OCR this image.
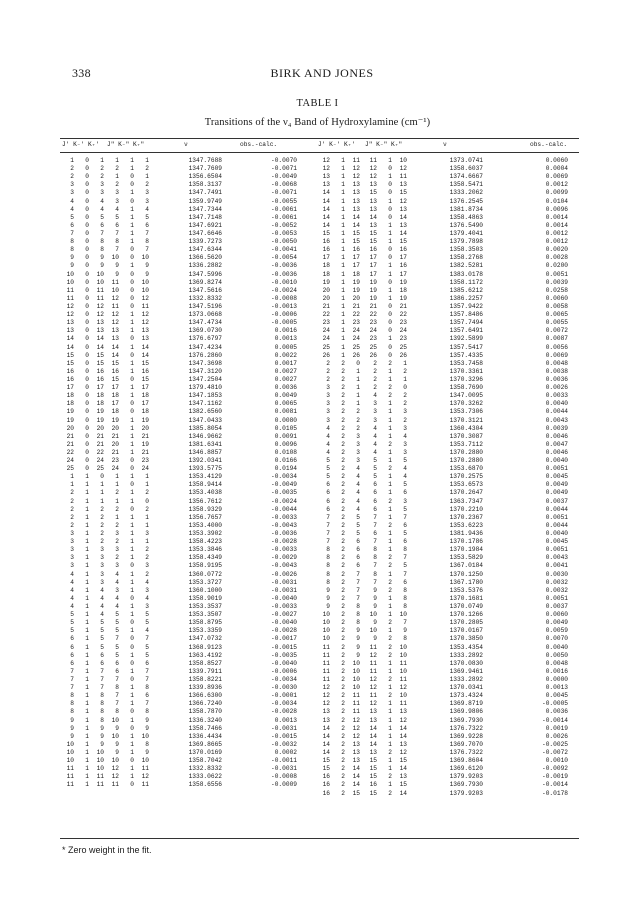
338	BIRK AND JONES
TABLE I
Transitions of the ν₄ Band of Hydroxylamine (cm⁻¹)
J' K₋' K₊' J" K₋" K₊"	ν	obs.-calc.	J' K₋' K₊' J" K₋" K₊"	ν	obs.-calc.
1	0	1	1	1	1	1347.7688	-0.0070
2	0	2	2	1	2	1347.7609	-0.0071
2	0	2	1	0	1	1356.6504	-0.0049
3	0	3	2	0	2	1358.3137	-0.0068
3	0	3	3	1	3	1347.7491	-0.0071
4	0	4	3	0	3	1359.9749	-0.0055
4	0	4	4	1	4	1347.7344	-0.0061
5	0	5	5	1	5	1347.7148	-0.0061
6	0	6	6	1	6	1347.6921	-0.0052
7	0	7	7	1	7	1347.6646	-0.0053
8	0	8	8	1	8	1339.7273	-0.0050
8	0	8	7	0	7	1347.6344	-0.0041
9	0	9	10	0	10	1366.5620	-0.0054
9	0	9	9	1	9	1336.2882	-0.0036
10	0	10	9	0	9	1347.5996	-0.0036
10	0	10	11	0	10	1369.8274	-0.0010
11	0	11	10	0	10	1347.5616	-0.0024
11	0	11	12	0	12	1332.8332	-0.0008
12	0	12	11	0	11	1347.5196	-0.0013
12	0	12	12	1	12	1373.0668	-0.0006
13	0	13	12	1	12	1347.4734	-0.0005
13	0	13	13	1	13	1369.0730	0.0016
14	0	14	13	0	13	1376.6797	0.0013
14	0	14	14	1	14	1347.4234	0.0005
15	0	15	14	0	14	1376.2860	0.0022
15	0	15	15	1	15	1347.3698	0.0017
16	0	16	16	1	16	1347.3120	0.0027
16	0	16	15	0	15	1347.2504	0.0027
17	0	17	17	1	17	1379.4810	0.0036
18	0	18	18	1	18	1347.1853	0.0049
18	0	18	17	0	17	1347.1162	0.0065
19	0	19	18	0	18	1382.6560	0.0081
19	0	19	19	1	19	1347.0433	0.0080
20	0	20	20	1	20	1385.8054	0.0105
21	0	21	21	1	21	1346.9662	0.0091
21	0	21	20	1	19	1381.6341	0.0096
22	0	22	21	1	21	1346.8857	0.0108
24	0	24	23	0	23	1392.0341	0.0166
25	0	25	24	0	24	1393.5775	0.0194
1	1	0	1	1	1	1353.4129	-0.0034
1	1	1	1	0	1	1358.9414	-0.0049
2	1	1	2	1	2	1353.4038	-0.0035
2	1	1	1	1	0	1356.7612	-0.0024
2	1	2	2	0	2	1358.9329	-0.0044
2	1	2	1	1	1	1356.7657	-0.0033
2	1	2	2	1	1	1353.4000	-0.0043
3	1	2	3	1	3	1353.3902	-0.0036
3	1	2	2	1	1	1358.4223	-0.0028
3	1	3	3	1	2	1353.3846	-0.0033
3	1	3	2	1	2	1358.4349	-0.0029
3	1	3	3	0	3	1358.9195	-0.0043
4	1	3	4	1	2	1360.0772	-0.0026
4	1	3	4	1	4	1353.3727	-0.0031
4	1	4	3	1	3	1360.1000	-0.0031
4	1	4	4	0	4	1358.9019	-0.0040
4	1	4	4	1	3	1353.3537	-0.0033
5	1	4	5	1	5	1353.3507	-0.0027
5	1	5	5	0	5	1358.8795	-0.0040
5	1	5	5	1	4	1353.3359	-0.0028
6	1	5	7	0	7	1347.0732	-0.0017
6	1	5	5	0	5	1368.9123	-0.0015
6	1	6	5	1	5	1363.4192	-0.0035
6	1	6	6	0	6	1358.8527	-0.0040
7	1	7	6	1	7	1339.7911	-0.0006
7	1	7	7	0	7	1358.8221	-0.0034
7	1	7	8	1	8	1339.8936	-0.0030
8	1	8	7	1	6	1366.6300	-0.0001
8	1	8	7	1	7	1366.7240	-0.0034
8	1	8	8	0	8	1358.7870	-0.0028
9	1	8	10	1	9	1336.3240	0.0013
9	1	9	9	0	9	1358.7466	-0.0031
9	1	9	10	1	10	1336.4434	-0.0015
10	1	9	9	1	8	1369.8665	-0.0032
10	1	10	9	1	9	1370.0169	0.0002
10	1	10	10	0	10	1358.7042	-0.0011
11	1	10	12	1	11	1332.8332	-0.0031
11	1	11	12	1	12	1333.0622	-0.0008
11	1	11	11	0	11	1358.6556	-0.0009
12	1	11	11	1	10	1373.0741	0.0060
12	1	12	12	0	12	1358.6037	0.0004
13	1	12	12	1	11	1374.6667	0.0069
13	1	13	13	0	13	1358.5471	0.0012
14	1	13	15	0	15	1333.2062	0.0099
14	1	13	13	1	12	1376.2545	0.0104
14	1	13	13	0	13	1381.8734	0.0096
14	1	14	14	0	14	1358.4863	0.0014
14	1	14	13	1	13	1376.5490	0.0014
15	1	15	15	1	14	1379.4041	0.0012
16	1	15	15	1	15	1379.7898	0.0012
16	1	16	16	0	16	1358.3503	0.0020
17	1	17	17	0	17	1358.2768	0.0028
18	1	17	17	1	16	1382.5281	0.0200
18	1	18	17	1	17	1383.0178	0.0051
19	1	19	19	0	19	1358.1172	0.0039
20	1	19	19	1	18	1385.6212	0.0258
20	1	20	19	1	19	1386.2257	0.0060
21	1	21	21	0	21	1357.9422	0.0058
22	1	22	22	0	22	1357.8486	0.0065
23	1	23	23	0	23	1357.7494	0.0055
24	1	24	24	0	24	1357.6491	0.0072
24	1	24	23	1	23	1392.5899	0.0087
25	1	25	25	0	25	1357.5417	0.0056
26	1	26	26	0	26	1357.4335	0.0069
2	2	0	2	2	1	1353.7458	0.0048
2	2	1	2	1	2	1370.3361	0.0038
2	2	1	2	1	1	1370.3296	0.0036
3	2	1	2	2	0	1358.7690	0.0026
3	2	1	4	2	2	1347.0095	0.0033
3	2	1	3	1	2	1370.3262	0.0040
3	2	2	3	1	3	1353.7306	0.0044
3	2	2	3	1	2	1370.3121	0.0043
4	2	2	4	1	3	1360.4304	0.0039
4	2	3	4	1	4	1370.3087	0.0046
4	2	3	4	2	3	1353.7112	0.0047
4	2	3	4	1	3	1370.2880	0.0046
5	2	3	5	1	5	1370.2880	0.0040
5	2	4	5	2	4	1353.6870	0.0051
5	2	4	5	1	4	1370.2575	0.0045
6	2	4	6	1	5	1353.6573	0.0049
6	2	4	6	1	6	1370.2647	0.0049
6	2	4	6	2	3	1363.7347	0.0037
6	2	4	6	1	5	1370.2210	0.0044
7	2	5	7	1	7	1370.2367	0.0051
7	2	5	7	2	6	1353.6223	0.0044
7	2	5	6	1	5	1381.9436	0.0040
7	2	6	7	1	6	1370.1786	0.0045
8	2	6	8	1	8	1370.1984	0.0051
8	2	6	8	2	7	1353.5829	0.0043
8	2	6	7	2	5	1367.0184	0.0041
8	2	7	8	1	7	1370.1250	0.0030
8	2	7	7	2	6	1367.1780	0.0032
9	2	7	9	2	8	1353.5376	0.0032
9	2	7	9	1	8	1370.1681	0.0051
9	2	8	9	1	8	1370.0749	0.0037
10	2	8	10	1	10	1370.1266	0.0060
10	2	8	9	2	7	1370.2805	0.0049
10	2	9	10	1	9	1370.0167	0.0059
10	2	9	9	2	8	1370.3850	0.0070
11	2	9	11	2	10	1353.4354	0.0040
11	2	9	12	2	10	1333.2892	0.0050
11	2	10	11	1	11	1370.0830	0.0048
11	2	10	11	1	10	1369.9461	0.0016
11	2	10	12	2	11	1333.2892	0.0000
12	2	10	12	1	12	1370.0341	0.0013
12	2	11	11	2	10	1373.4324	0.0045
12	2	11	12	1	11	1369.8719	-0.0005
13	2	11	13	1	13	1369.9806	0.0036
13	2	12	13	1	12	1369.7930	-0.0014
14	2	12	14	1	14	1376.7322	0.0019
14	2	12	14	1	14	1369.9228	0.0026
14	2	13	14	1	13	1369.7070	-0.0025
14	2	13	13	2	12	1376.7322	-0.0072
15	2	13	15	1	15	1369.8604	0.0010
15	2	14	15	1	14	1369.6120	-0.0092
16	2	14	15	2	13	1379.9203	-0.0019
16	2	14	16	1	15	1369.7930	-0.0014
16	2	15	15	2	14	1379.9203	-0.0178
* Zero weight in the fit.
